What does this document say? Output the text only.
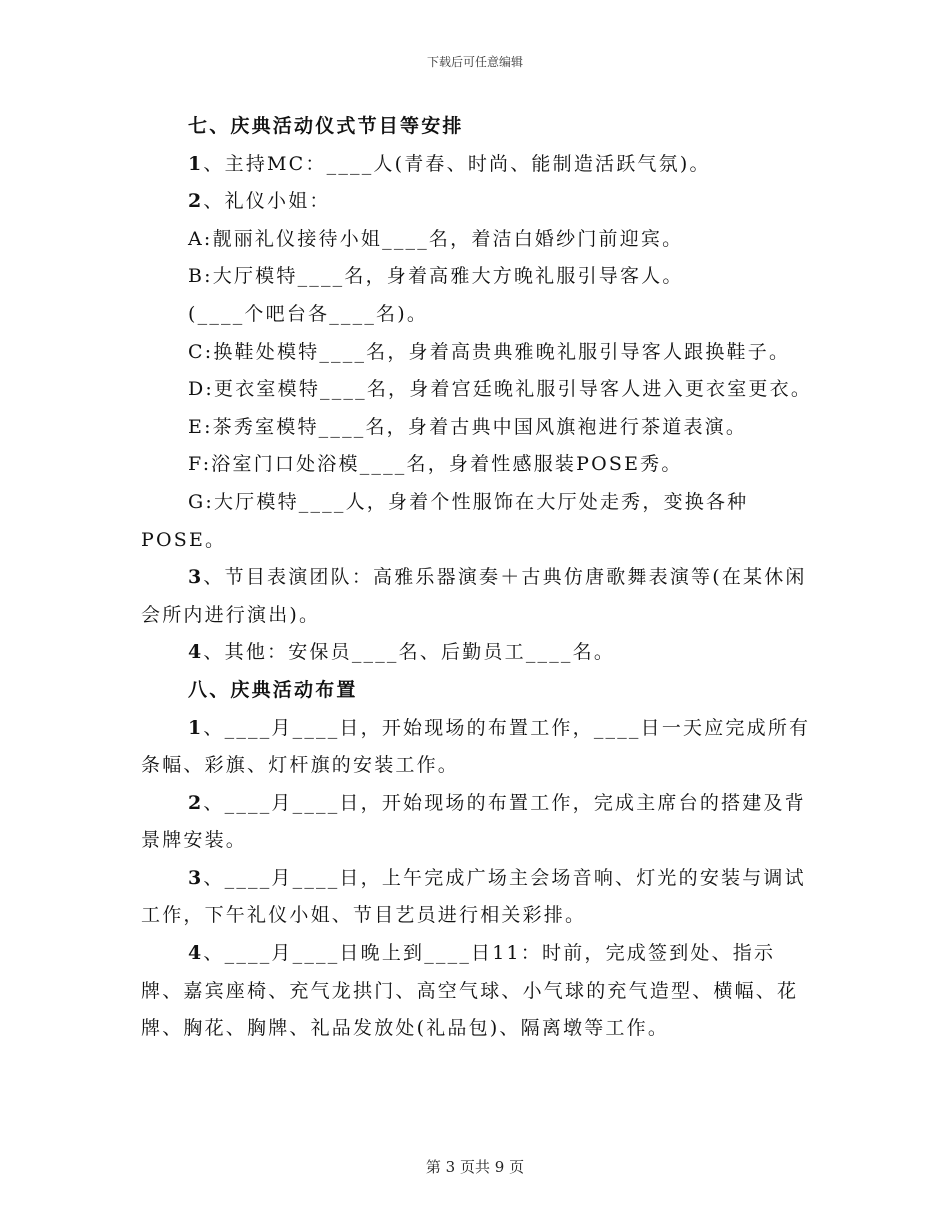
下载后可任意编辑

七、庆典活动仪式节目等安排

1、主持MC：____人(青春、时尚、能制造活跃气氛)。

2、礼仪小姐：

A:靓丽礼仪接待小姐____名，着洁白婚纱门前迎宾。

B:大厅模特____名，身着高雅大方晚礼服引导客人。

(____个吧台各____名)。

C:换鞋处模特____名，身着高贵典雅晚礼服引导客人跟换鞋子。

D:更衣室模特____名，身着宫廷晚礼服引导客人进入更衣室更衣。

E:茶秀室模特____名，身着古典中国风旗袍进行茶道表演。

F:浴室门口处浴模____名，身着性感服装POSE秀。

G:大厅模特____人，身着个性服饰在大厅处走秀，变换各种POSE。

3、节目表演团队：高雅乐器演奏＋古典仿唐歌舞表演等(在某休闲会所内进行演出)。

4、其他：安保员____名、后勤员工____名。

八、庆典活动布置

1、____月____日，开始现场的布置工作，____日一天应完成所有条幅、彩旗、灯杆旗的安装工作。

2、____月____日，开始现场的布置工作，完成主席台的搭建及背景牌安装。

3、____月____日，上午完成广场主会场音响、灯光的安装与调试工作，下午礼仪小姐、节目艺员进行相关彩排。

4、____月____日晚上到____日11：时前，完成签到处、指示牌、嘉宾座椅、充气龙拱门、高空气球、小气球的充气造型、横幅、花牌、胸花、胸牌、礼品发放处(礼品包)、隔离墩等工作。

第 3 页共 9 页
